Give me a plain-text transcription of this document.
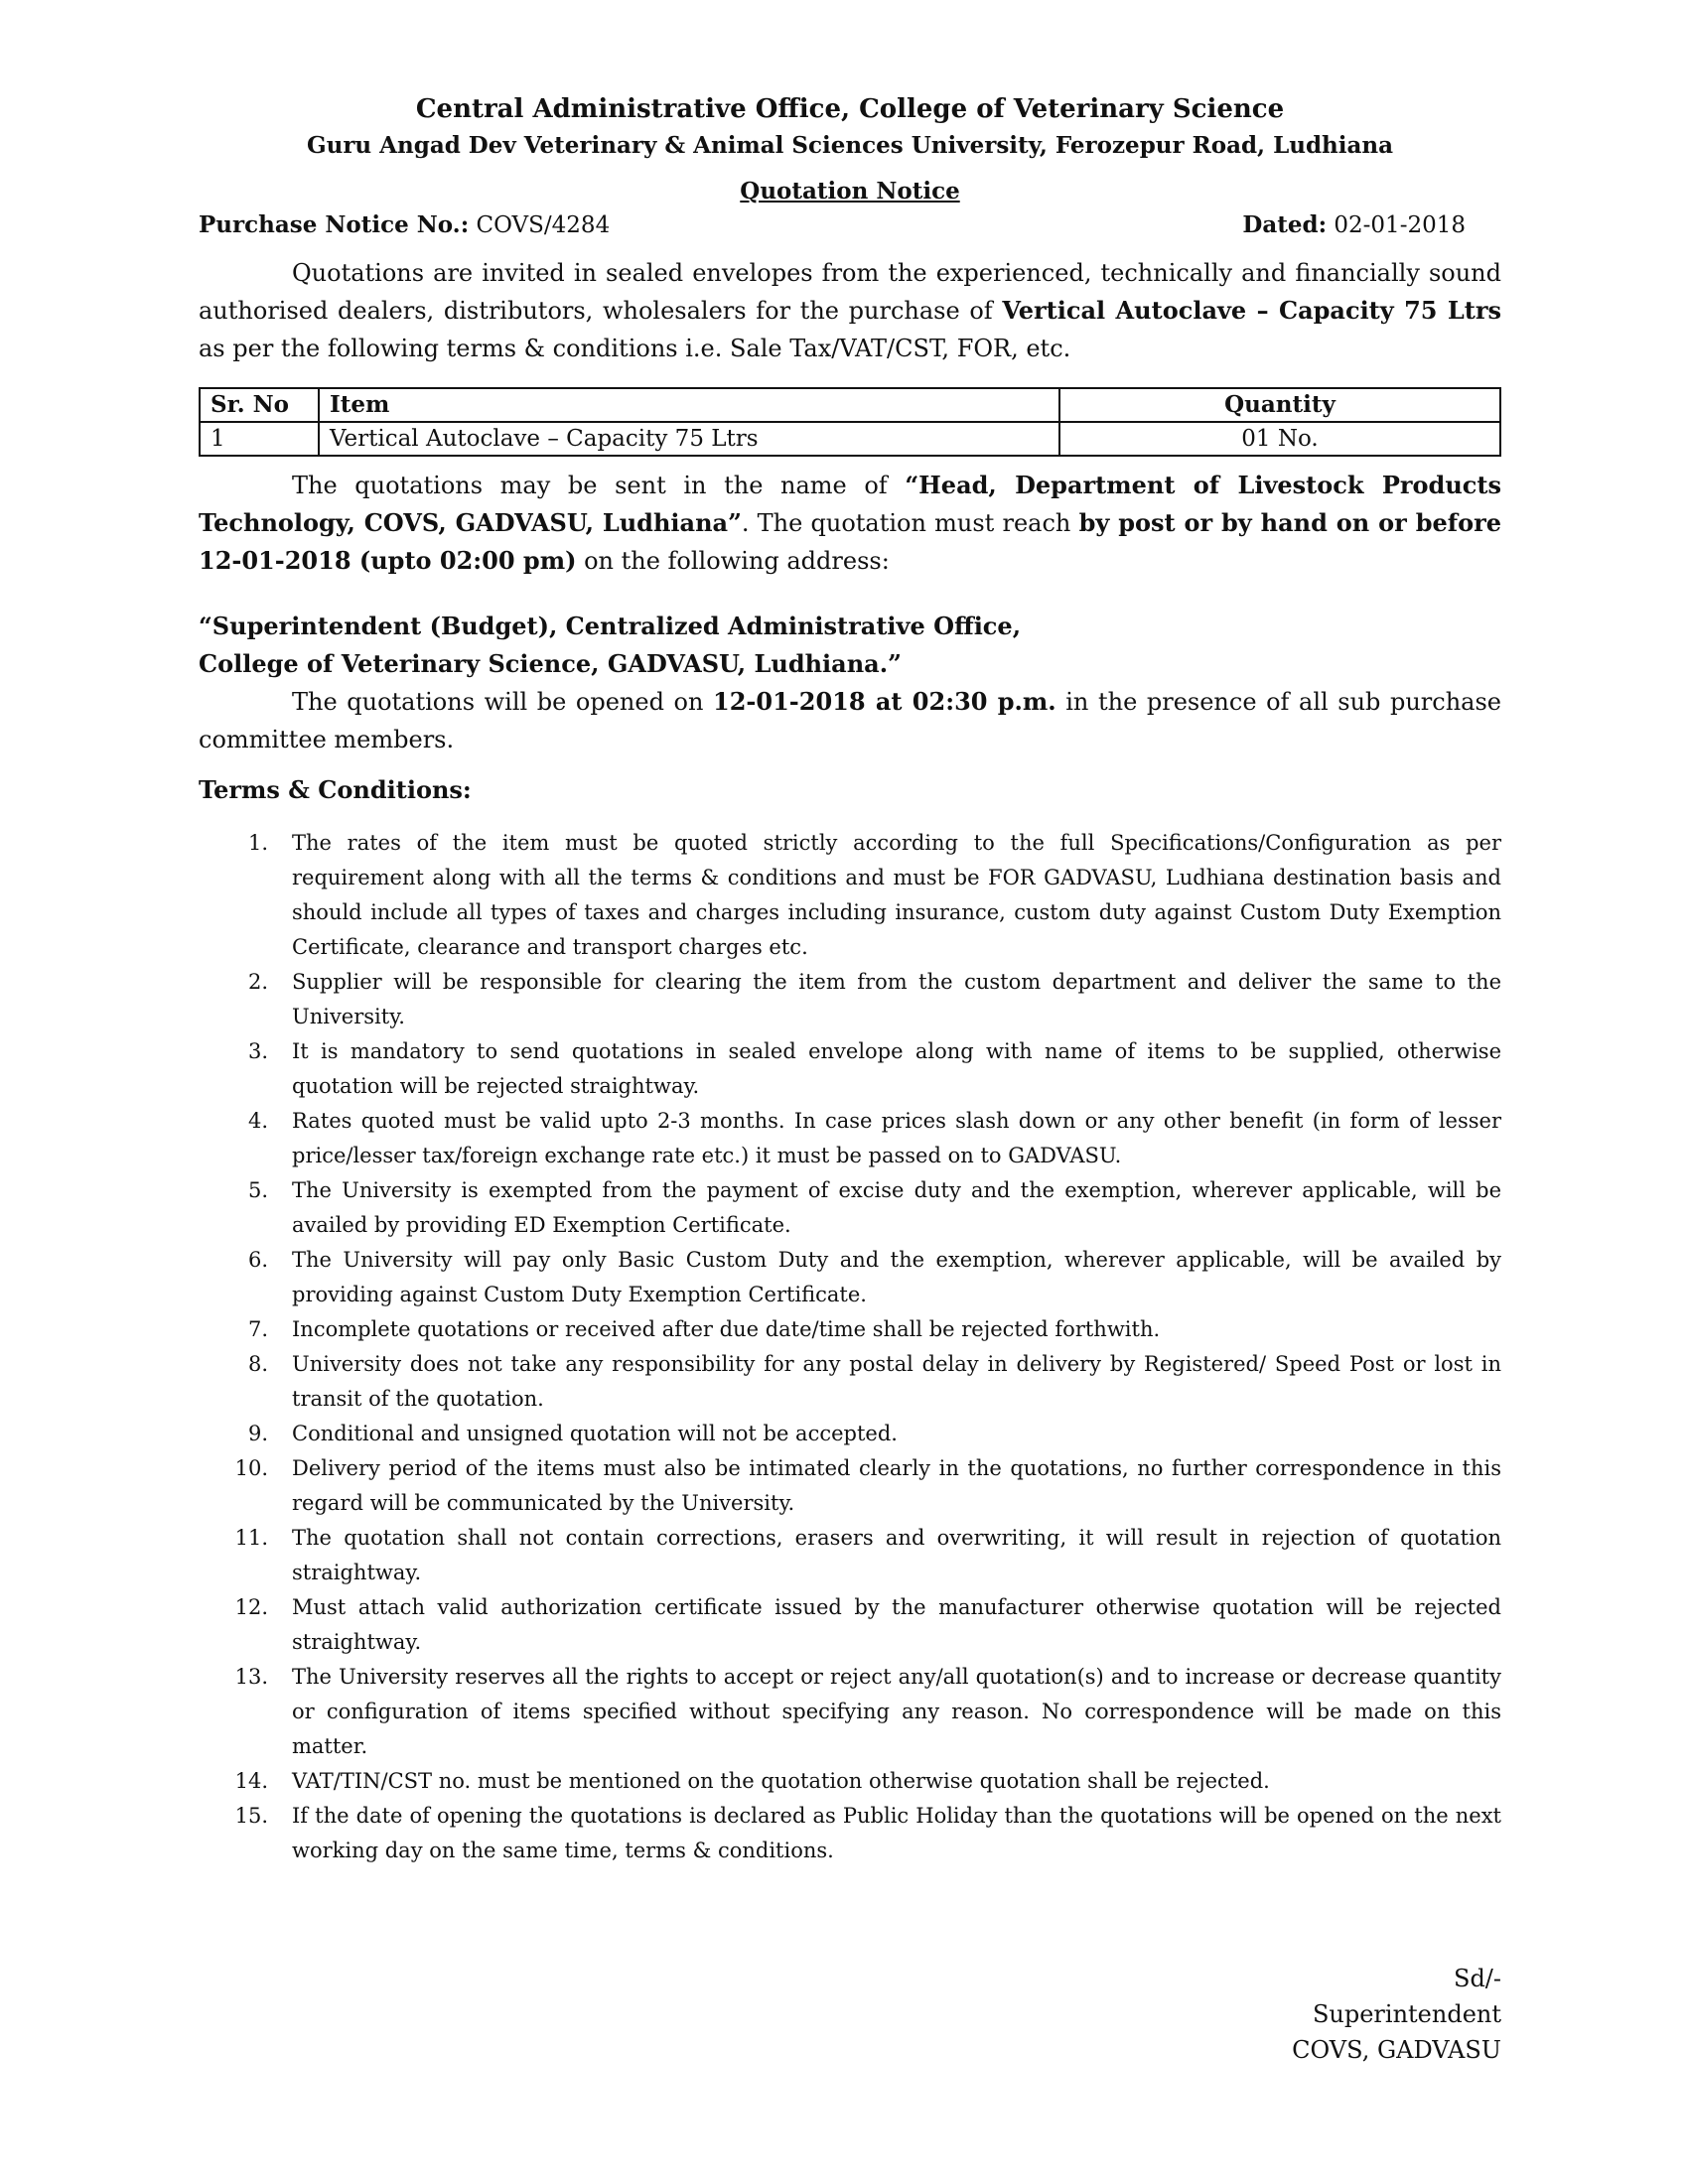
Central Administrative Office, College of Veterinary Science
Guru Angad Dev Veterinary & Animal Sciences University, Ferozepur Road, Ludhiana
Quotation Notice
Purchase Notice No.: COVS/4284	Dated: 02-01-2018

Quotations are invited in sealed envelopes from the experienced, technically and financially sound authorised dealers, distributors, wholesalers for the purchase of Vertical Autoclave – Capacity 75 Ltrs as per the following terms & conditions i.e. Sale Tax/VAT/CST, FOR, etc.

Sr. No	Item	Quantity
1	Vertical Autoclave – Capacity 75 Ltrs	01 No.

The quotations may be sent in the name of “Head, Department of Livestock Products Technology, COVS, GADVASU, Ludhiana”. The quotation must reach by post or by hand on or before 12-01-2018 (upto 02:00 pm) on the following address:

“Superintendent (Budget), Centralized Administrative Office,
College of Veterinary Science, GADVASU, Ludhiana.”

The quotations will be opened on 12-01-2018 at 02:30 p.m. in the presence of all sub purchase committee members.

Terms & Conditions:
1.	The rates of the item must be quoted strictly according to the full Specifications/Configuration as per requirement along with all the terms & conditions and must be FOR GADVASU, Ludhiana destination basis and should include all types of taxes and charges including insurance, custom duty against Custom Duty Exemption Certificate, clearance and transport charges etc.
2.	Supplier will be responsible for clearing the item from the custom department and deliver the same to the University.
3.	It is mandatory to send quotations in sealed envelope along with name of items to be supplied, otherwise quotation will be rejected straightway.
4.	Rates quoted must be valid upto 2-3 months. In case prices slash down or any other benefit (in form of lesser price/lesser tax/foreign exchange rate etc.) it must be passed on to GADVASU.
5.	The University is exempted from the payment of excise duty and the exemption, wherever applicable, will be availed by providing ED Exemption Certificate.
6.	The University will pay only Basic Custom Duty and the exemption, wherever applicable, will be availed by providing against Custom Duty Exemption Certificate.
7.	Incomplete quotations or received after due date/time shall be rejected forthwith.
8.	University does not take any responsibility for any postal delay in delivery by Registered/ Speed Post or lost in transit of the quotation.
9.	Conditional and unsigned quotation will not be accepted.
10.	Delivery period of the items must also be intimated clearly in the quotations, no further correspondence in this regard will be communicated by the University.
11.	The quotation shall not contain corrections, erasers and overwriting, it will result in rejection of quotation straightway.
12.	Must attach valid authorization certificate issued by the manufacturer otherwise quotation will be rejected straightway.
13.	The University reserves all the rights to accept or reject any/all quotation(s) and to increase or decrease quantity or configuration of items specified without specifying any reason. No correspondence will be made on this matter.
14.	VAT/TIN/CST no. must be mentioned on the quotation otherwise quotation shall be rejected.
15.	If the date of opening the quotations is declared as Public Holiday than the quotations will be opened on the next working day on the same time, terms & conditions.
Sd/-
Superintendent
COVS, GADVASU
